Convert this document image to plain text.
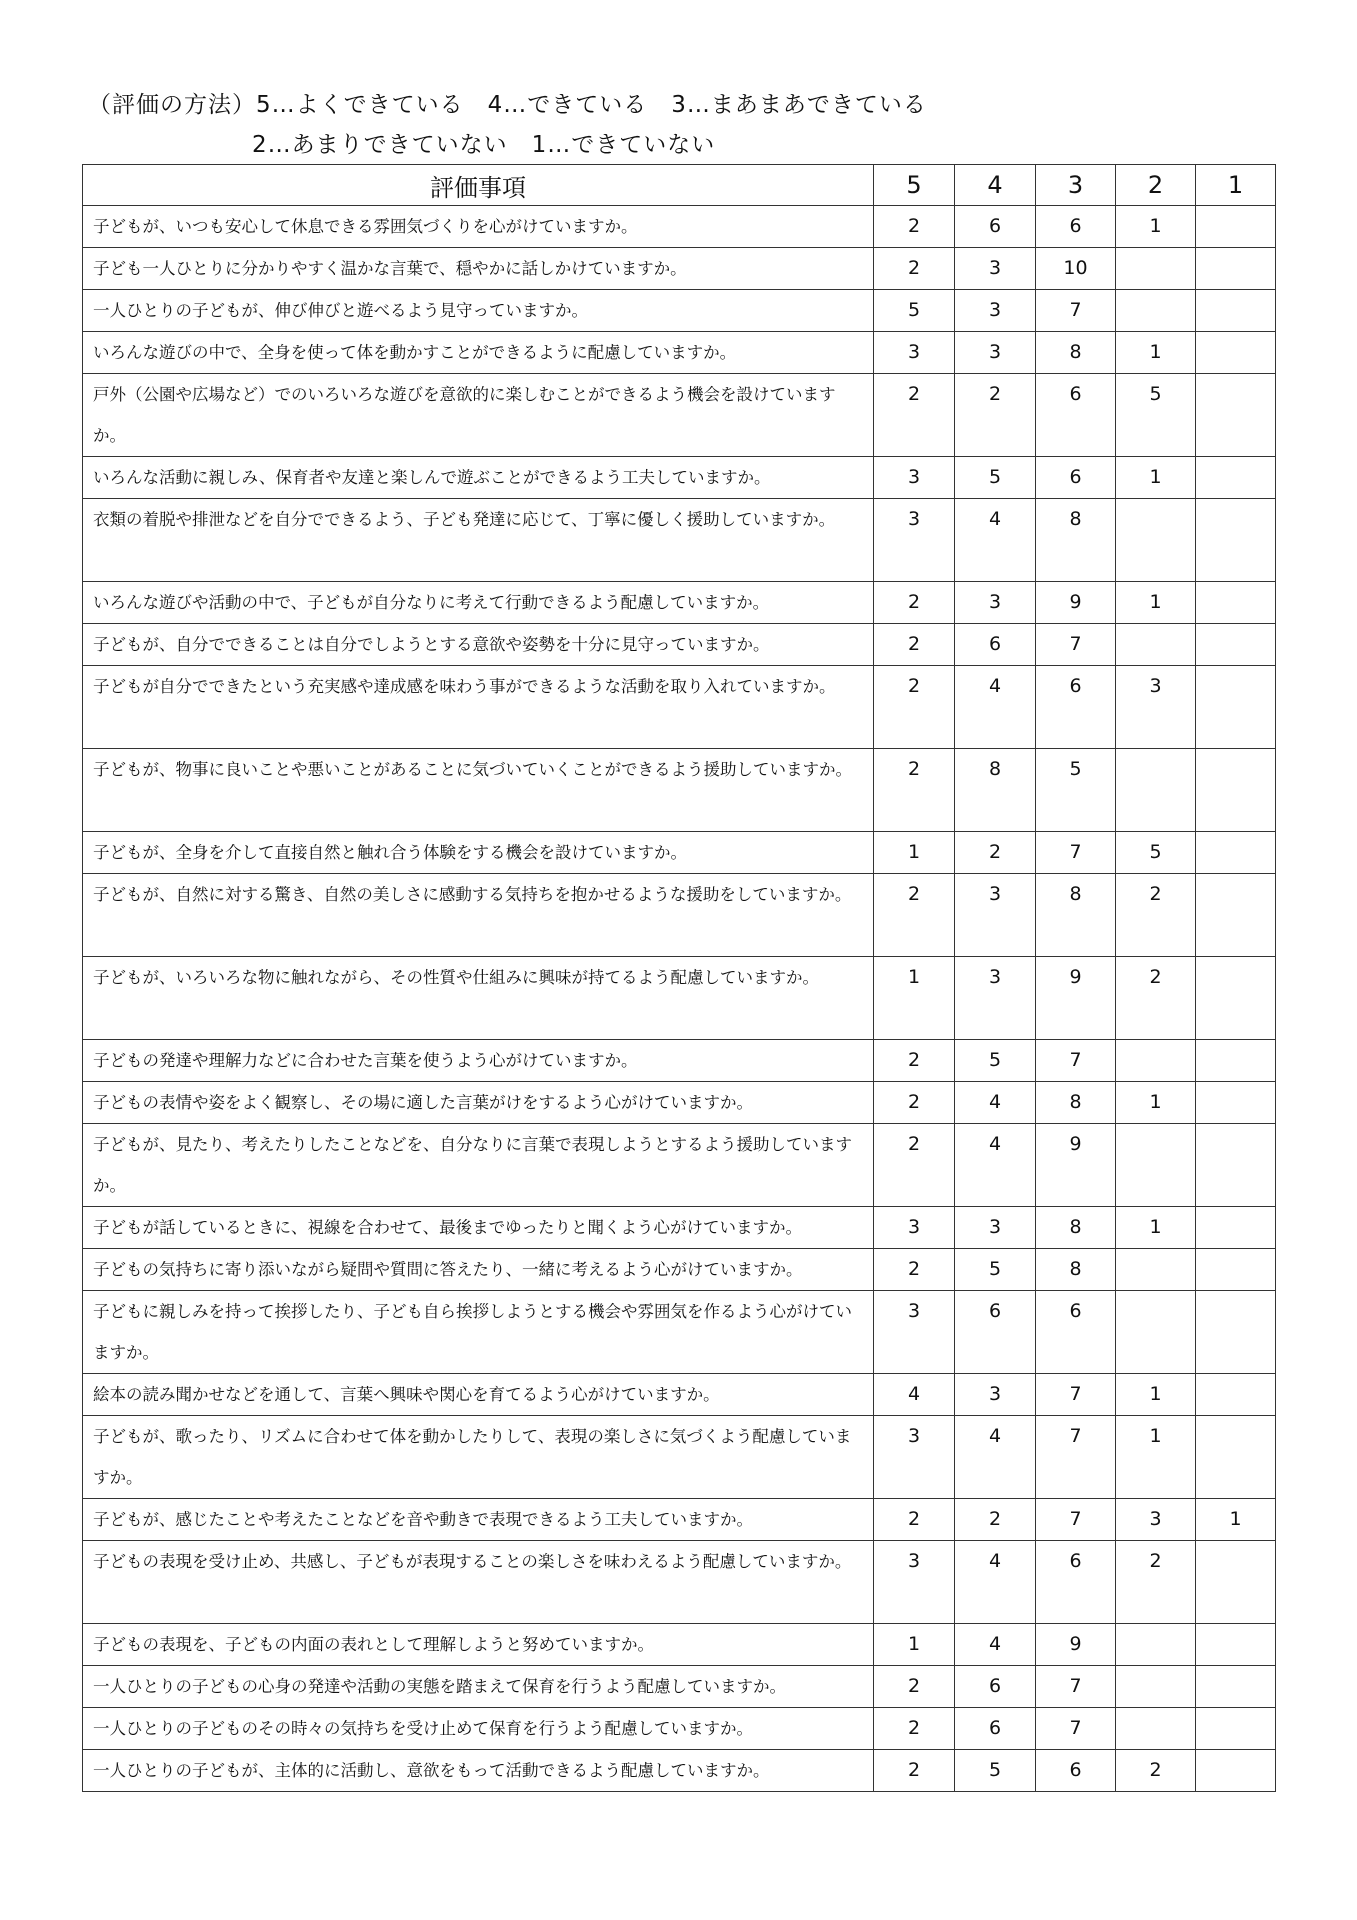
（評価の方法）5…よくできている　4…できている　3…まあまあできている
2…あまりできていない　1…できていない
評価事項	5	4	3	2	1
子どもが、いつも安心して休息できる雰囲気づくりを心がけていますか。	2	6	6	1	
子ども一人ひとりに分かりやすく温かな言葉で、穏やかに話しかけていますか。	2	3	10		
一人ひとりの子どもが、伸び伸びと遊べるよう見守っていますか。	5	3	7		
いろんな遊びの中で、全身を使って体を動かすことができるように配慮していますか。	3	3	8	1	
戸外（公園や広場など）でのいろいろな遊びを意欲的に楽しむことができるよう機会を設けていますか。	2	2	6	5	
いろんな活動に親しみ、保育者や友達と楽しんで遊ぶことができるよう工夫していますか。	3	5	6	1	
衣類の着脱や排泄などを自分でできるよう、子ども発達に応じて、丁寧に優しく援助していますか。	3	4	8		
いろんな遊びや活動の中で、子どもが自分なりに考えて行動できるよう配慮していますか。	2	3	9	1	
子どもが、自分でできることは自分でしようとする意欲や姿勢を十分に見守っていますか。	2	6	7		
子どもが自分でできたという充実感や達成感を味わう事ができるような活動を取り入れていますか。	2	4	6	3	
子どもが、物事に良いことや悪いことがあることに気づいていくことができるよう援助していますか。	2	8	5		
子どもが、全身を介して直接自然と触れ合う体験をする機会を設けていますか。	1	2	7	5	
子どもが、自然に対する驚き、自然の美しさに感動する気持ちを抱かせるような援助をしていますか。	2	3	8	2	
子どもが、いろいろな物に触れながら、その性質や仕組みに興味が持てるよう配慮していますか。	1	3	9	2	
子どもの発達や理解力などに合わせた言葉を使うよう心がけていますか。	2	5	7		
子どもの表情や姿をよく観察し、その場に適した言葉がけをするよう心がけていますか。	2	4	8	1	
子どもが、見たり、考えたりしたことなどを、自分なりに言葉で表現しようとするよう援助していますか。	2	4	9		
子どもが話しているときに、視線を合わせて、最後までゆったりと聞くよう心がけていますか。	3	3	8	1	
子どもの気持ちに寄り添いながら疑問や質問に答えたり、一緒に考えるよう心がけていますか。	2	5	8		
子どもに親しみを持って挨拶したり、子ども自ら挨拶しようとする機会や雰囲気を作るよう心がけていますか。	3	6	6		
絵本の読み聞かせなどを通して、言葉へ興味や関心を育てるよう心がけていますか。	4	3	7	1	
子どもが、歌ったり、リズムに合わせて体を動かしたりして、表現の楽しさに気づくよう配慮していますか。	3	4	7	1	
子どもが、感じたことや考えたことなどを音や動きで表現できるよう工夫していますか。	2	2	7	3	1
子どもの表現を受け止め、共感し、子どもが表現することの楽しさを味わえるよう配慮していますか。	3	4	6	2	
子どもの表現を、子どもの内面の表れとして理解しようと努めていますか。	1	4	9		
一人ひとりの子どもの心身の発達や活動の実態を踏まえて保育を行うよう配慮していますか。	2	6	7		
一人ひとりの子どものその時々の気持ちを受け止めて保育を行うよう配慮していますか。	2	6	7		
一人ひとりの子どもが、主体的に活動し、意欲をもって活動できるよう配慮していますか。	2	5	6	2	
